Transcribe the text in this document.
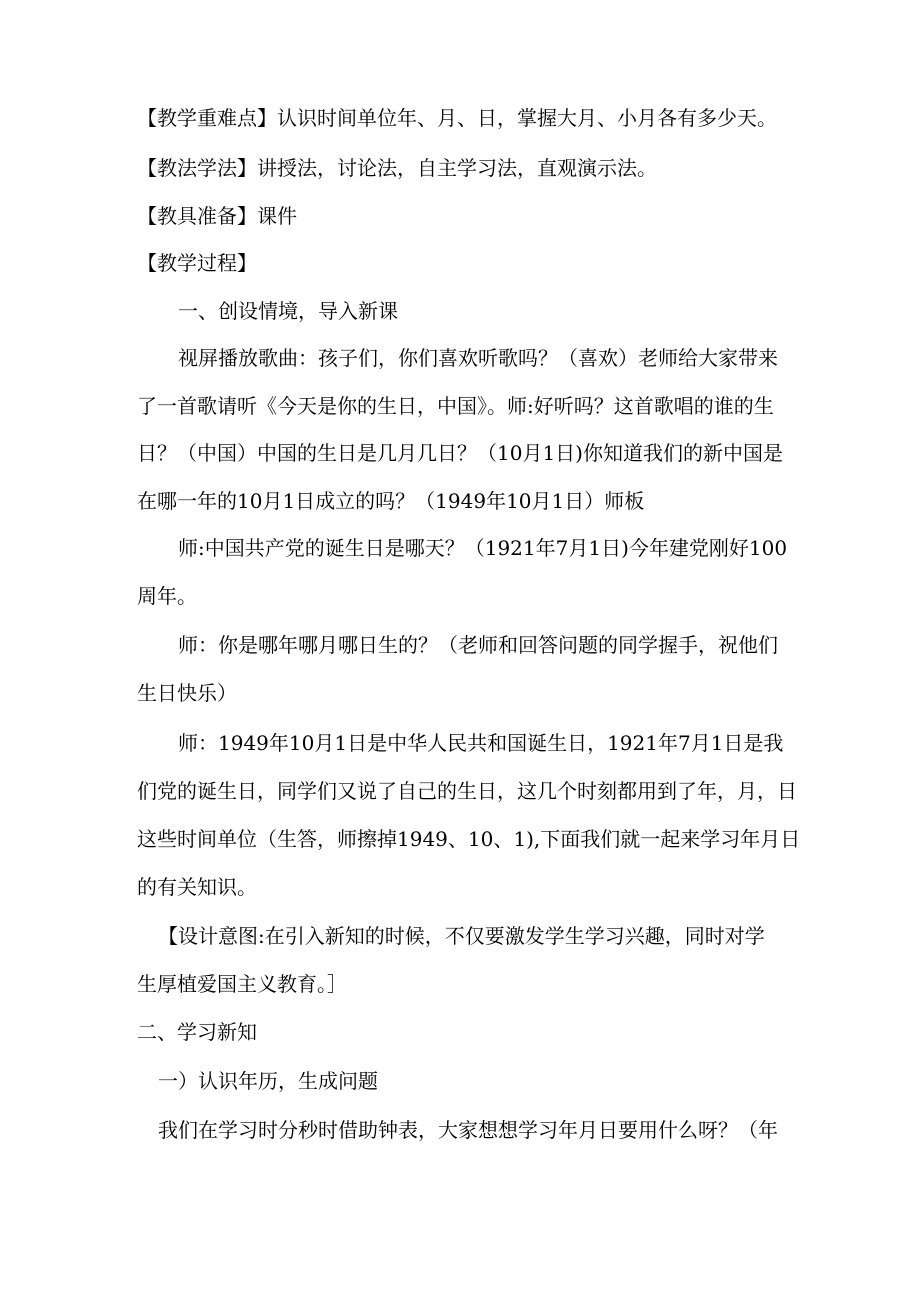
【教学重难点】认识时间单位年、月、日，掌握大月、小月各有多少天。
【教法学法】讲授法，讨论法，自主学习法，直观演示法。
【教具准备】课件
【教学过程】
一、创设情境，导入新课
视屏播放歌曲：孩子们，你们喜欢听歌吗？（喜欢）老师给大家带来
了一首歌请听《今天是你的生日，中国》。师:好听吗？这首歌唱的谁的生
日？（中国）中国的生日是几月几日？（10月1日)你知道我们的新中国是
在哪一年的10月1日成立的吗？（1949年10月1日）师板
师:中国共产党的诞生日是哪天？（1921年7月1日)今年建党刚好100
周年。
师：你是哪年哪月哪日生的？（老师和回答问题的同学握手，祝他们
生日快乐）
师：1949年10月1日是中华人民共和国诞生日，1921年7月1日是我
们党的诞生日，同学们又说了自己的生日，这几个时刻都用到了年，月，日
这些时间单位（生答，师擦掉1949、10、1),下面我们就一起来学习年月日
的有关知识。
【设计意图:在引入新知的时候，不仅要激发学生学习兴趣，同时对学
生厚植爱国主义教育。］
二、学习新知
一）认识年历，生成问题
我们在学习时分秒时借助钟表，大家想想学习年月日要用什么呀？（年
